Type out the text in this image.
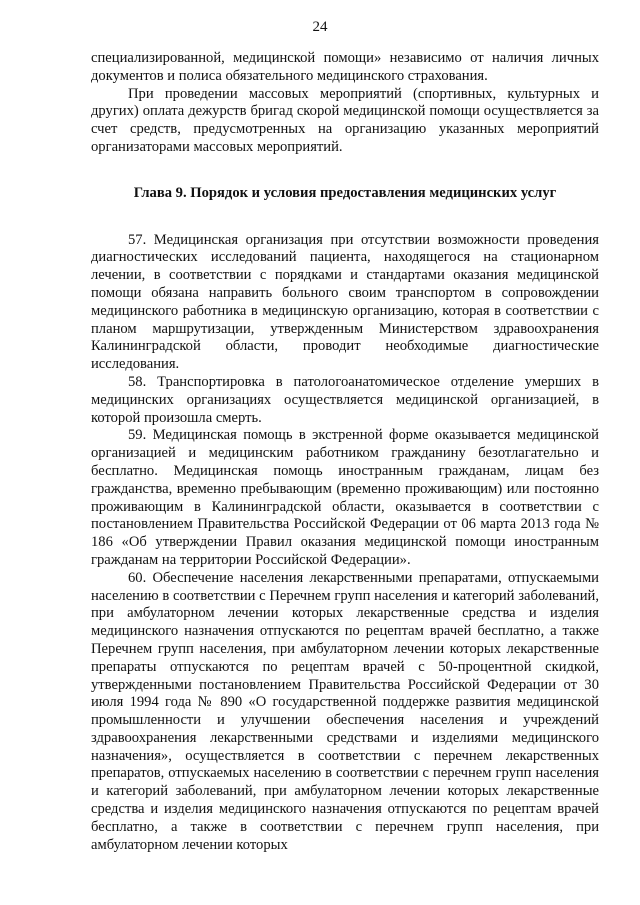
24

специализированной, медицинской помощи» независимо от наличия личных документов и полиса обязательного медицинского страхования.

При проведении массовых мероприятий (спортивных, культурных и других) оплата дежурств бригад скорой медицинской помощи осуществляется за счет средств, предусмотренных на организацию указанных мероприятий организаторами массовых мероприятий.

Глава 9. Порядок и условия предоставления медицинских услуг

57. Медицинская организация при отсутствии возможности проведения диагностических исследований пациента, находящегося на стационарном лечении, в соответствии с порядками и стандартами оказания медицинской помощи обязана направить больного своим транспортом в сопровождении медицинского работника в медицинскую организацию, которая в соответствии с планом маршрутизации, утвержденным Министерством здравоохранения Калининградской области, проводит необходимые диагностические исследования.

58. Транспортировка в патологоанатомическое отделение умерших в медицинских организациях осуществляется медицинской организацией, в которой произошла смерть.

59. Медицинская помощь в экстренной форме оказывается медицинской организацией и медицинским работником гражданину безотлагательно и бесплатно. Медицинская помощь иностранным гражданам, лицам без гражданства, временно пребывающим (временно проживающим) или постоянно проживающим в Калининградской области, оказывается в соответствии с постановлением Правительства Российской Федерации от 06 марта 2013 года № 186 «Об утверждении Правил оказания медицинской помощи иностранным гражданам на территории Российской Федерации».

60. Обеспечение населения лекарственными препаратами, отпускаемыми населению в соответствии с Перечнем групп населения и категорий заболеваний, при амбулаторном лечении которых лекарственные средства и изделия медицинского назначения отпускаются по рецептам врачей бесплатно, а также Перечнем групп населения, при амбулаторном лечении которых лекарственные препараты отпускаются по рецептам врачей с 50-процентной скидкой, утвержденными постановлением Правительства Российской Федерации от 30 июля 1994 года № 890 «О государственной поддержке развития медицинской промышленности и улучшении обеспечения населения и учреждений здравоохранения лекарственными средствами и изделиями медицинского назначения», осуществляется в соответствии с перечнем лекарственных препаратов, отпускаемых населению в соответствии с перечнем групп населения и категорий заболеваний, при амбулаторном лечении которых лекарственные средства и изделия медицинского назначения отпускаются по рецептам врачей бесплатно, а также в соответствии с перечнем групп населения, при амбулаторном лечении которых
